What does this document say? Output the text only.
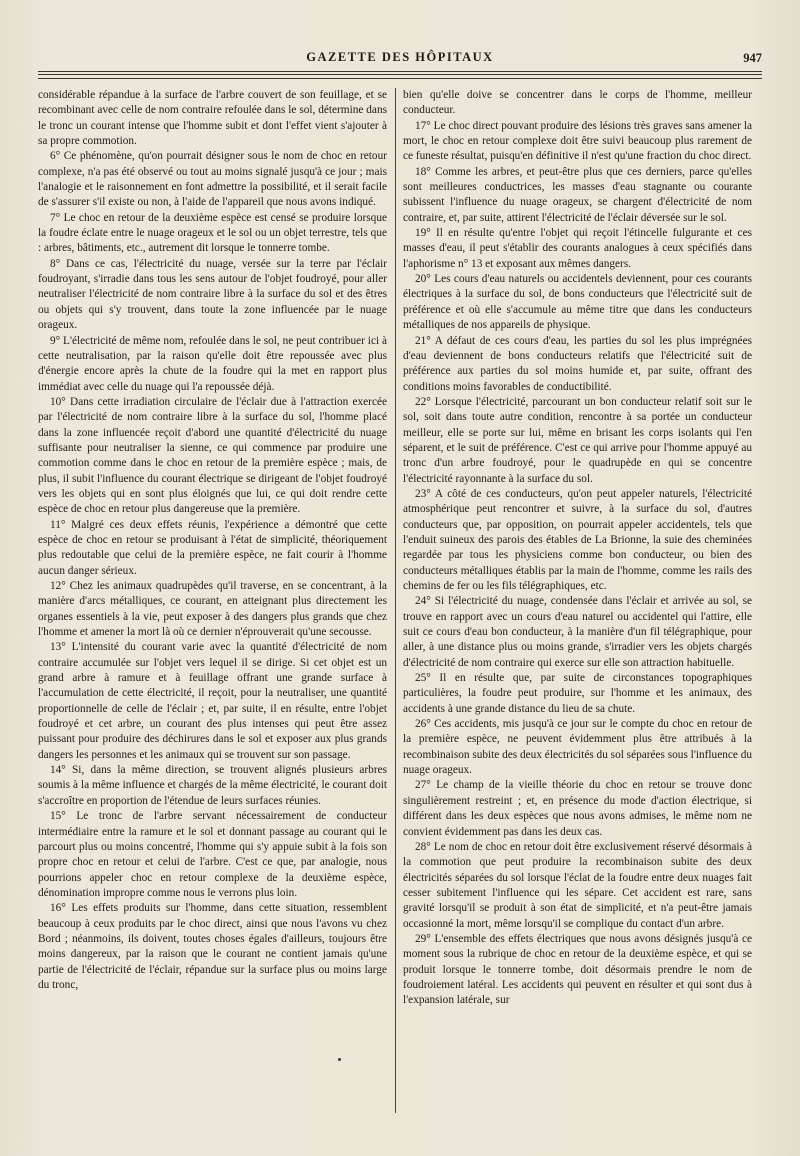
GAZETTE DES HÔPITAUX	947

considérable répandue à la surface de l'arbre couvert de son feuillage, et se recombinant avec celle de nom contraire refoulée dans le sol, détermine dans le tronc un courant intense que l'homme subit et dont l'effet vient s'ajouter à sa propre commotion.

6° Ce phénomène, qu'on pourrait désigner sous le nom de choc en retour complexe, n'a pas été observé ou tout au moins signalé jusqu'à ce jour ; mais l'analogie et le raisonnement en font admettre la possibilité, et il serait facile de s'assurer s'il existe ou non, à l'aide de l'appareil que nous avons indiqué.

7° Le choc en retour de la deuxième espèce est censé se produire lorsque la foudre éclate entre le nuage orageux et le sol ou un objet terrestre, tels que : arbres, bâtiments, etc., autrement dit lorsque le tonnerre tombe.

8° Dans ce cas, l'électricité du nuage, versée sur la terre par l'éclair foudroyant, s'irradie dans tous les sens autour de l'objet foudroyé, pour aller neutraliser l'électricité de nom contraire libre à la surface du sol et des êtres ou objets qui s'y trouvent, dans toute la zone influencée par le nuage orageux.

9° L'électricité de même nom, refoulée dans le sol, ne peut contribuer ici à cette neutralisation, par la raison qu'elle doit être repoussée avec plus d'énergie encore après la chute de la foudre qui la met en rapport plus immédiat avec celle du nuage qui l'a repoussée déjà.

10° Dans cette irradiation circulaire de l'éclair due à l'attraction exercée par l'électricité de nom contraire libre à la surface du sol, l'homme placé dans la zone influencée reçoit d'abord une quantité d'électricité du nuage suffisante pour neutraliser la sienne, ce qui commence par produire une commotion comme dans le choc en retour de la première espèce ; mais, de plus, il subit l'influence du courant électrique se dirigeant de l'objet foudroyé vers les objets qui en sont plus éloignés que lui, ce qui doit rendre cette espèce de choc en retour plus dangereuse que la première.

11° Malgré ces deux effets réunis, l'expérience a démontré que cette espèce de choc en retour se produisant à l'état de simplicité, théoriquement plus redoutable que celui de la première espèce, ne fait courir à l'homme aucun danger sérieux.

12° Chez les animaux quadrupèdes qu'il traverse, en se concentrant, à la manière d'arcs métalliques, ce courant, en atteignant plus directement les organes essentiels à la vie, peut exposer à des dangers plus grands que chez l'homme et amener la mort là où ce dernier n'éprouverait qu'une secousse.

13° L'intensité du courant varie avec la quantité d'électricité de nom contraire accumulée sur l'objet vers lequel il se dirige. Si cet objet est un grand arbre à ramure et à feuillage offrant une grande surface à l'accumulation de cette électricité, il reçoit, pour la neutraliser, une quantité proportionnelle de celle de l'éclair ; et, par suite, il en résulte, entre l'objet foudroyé et cet arbre, un courant des plus intenses qui peut être assez puissant pour produire des déchirures dans le sol et exposer aux plus grands dangers les personnes et les animaux qui se trouvent sur son passage.

14° Si, dans la même direction, se trouvent alignés plusieurs arbres soumis à la même influence et chargés de la même électricité, le courant doit s'accroître en proportion de l'étendue de leurs surfaces réunies.

15° Le tronc de l'arbre servant nécessairement de conducteur intermédiaire entre la ramure et le sol et donnant passage au courant qui le parcourt plus ou moins concentré, l'homme qui s'y appuie subit à la fois son propre choc en retour et celui de l'arbre. C'est ce que, par analogie, nous pourrions appeler choc en retour complexe de la deuxième espèce, dénomination impropre comme nous le verrons plus loin.

16° Les effets produits sur l'homme, dans cette situation, ressemblent beaucoup à ceux produits par le choc direct, ainsi que nous l'avons vu chez Bord ; néanmoins, ils doivent, toutes choses égales d'ailleurs, toujours être moins dangereux, par la raison que le courant ne contient jamais qu'une partie de l'électricité de l'éclair, répandue sur la surface plus ou moins large du tronc,

bien qu'elle doive se concentrer dans le corps de l'homme, meilleur conducteur.

17° Le choc direct pouvant produire des lésions très graves sans amener la mort, le choc en retour complexe doit être suivi beaucoup plus rarement de ce funeste résultat, puisqu'en définitive il n'est qu'une fraction du choc direct.

18° Comme les arbres, et peut-être plus que ces derniers, parce qu'elles sont meilleures conductrices, les masses d'eau stagnante ou courante subissent l'influence du nuage orageux, se chargent d'électricité de nom contraire, et, par suite, attirent l'électricité de l'éclair déversée sur le sol.

19° Il en résulte qu'entre l'objet qui reçoit l'étincelle fulgurante et ces masses d'eau, il peut s'établir des courants analogues à ceux spécifiés dans l'aphorisme n° 13 et exposant aux mêmes dangers.

20° Les cours d'eau naturels ou accidentels deviennent, pour ces courants électriques à la surface du sol, de bons conducteurs que l'électricité suit de préférence et où elle s'accumule au même titre que dans les conducteurs métalliques de nos appareils de physique.

21° A défaut de ces cours d'eau, les parties du sol les plus imprégnées d'eau deviennent de bons conducteurs relatifs que l'électricité suit de préférence aux parties du sol moins humide et, par suite, offrant des conditions moins favorables de conductibilité.

22° Lorsque l'électricité, parcourant un bon conducteur relatif soit sur le sol, soit dans toute autre condition, rencontre à sa portée un conducteur meilleur, elle se porte sur lui, même en brisant les corps isolants qui l'en séparent, et le suit de préférence. C'est ce qui arrive pour l'homme appuyé au tronc d'un arbre foudroyé, pour le quadrupède en qui se concentre l'électricité rayonnante à la surface du sol.

23° A côté de ces conducteurs, qu'on peut appeler naturels, l'électricité atmosphérique peut rencontrer et suivre, à la surface du sol, d'autres conducteurs que, par opposition, on pourrait appeler accidentels, tels que l'enduit suineux des parois des étables de La Brionne, la suie des cheminées regardée par tous les physiciens comme bon conducteur, ou bien des conducteurs métalliques établis par la main de l'homme, comme les rails des chemins de fer ou les fils télégraphiques, etc.

24° Si l'électricité du nuage, condensée dans l'éclair et arrivée au sol, se trouve en rapport avec un cours d'eau naturel ou accidentel qui l'attire, elle suit ce cours d'eau bon conducteur, à la manière d'un fil télégraphique, pour aller, à une distance plus ou moins grande, s'irradier vers les objets chargés d'électricité de nom contraire qui exerce sur elle son attraction habituelle.

25° Il en résulte que, par suite de circonstances topographiques particulières, la foudre peut produire, sur l'homme et les animaux, des accidents à une grande distance du lieu de sa chute.

26° Ces accidents, mis jusqu'à ce jour sur le compte du choc en retour de la première espèce, ne peuvent évidemment plus être attribués à la recombinaison subite des deux électricités du sol séparées sous l'influence du nuage orageux.

27° Le champ de la vieille théorie du choc en retour se trouve donc singulièrement restreint ; et, en présence du mode d'action électrique, si différent dans les deux espèces que nous avons admises, le même nom ne convient évidemment pas dans les deux cas.

28° Le nom de choc en retour doit être exclusivement réservé désormais à la commotion que peut produire la recombinaison subite des deux électricités séparées du sol lorsque l'éclat de la foudre entre deux nuages fait cesser subitement l'influence qui les sépare. Cet accident est rare, sans gravité lorsqu'il se produit à son état de simplicité, et n'a peut-être jamais occasionné la mort, même lorsqu'il se complique du contact d'un arbre.

29° L'ensemble des effets électriques que nous avons désignés jusqu'à ce moment sous la rubrique de choc en retour de la deuxième espèce, et qui se produit lorsque le tonnerre tombe, doit désormais prendre le nom de foudroiement latéral. Les accidents qui peuvent en résulter et qui sont dus à l'expansion latérale, sur
